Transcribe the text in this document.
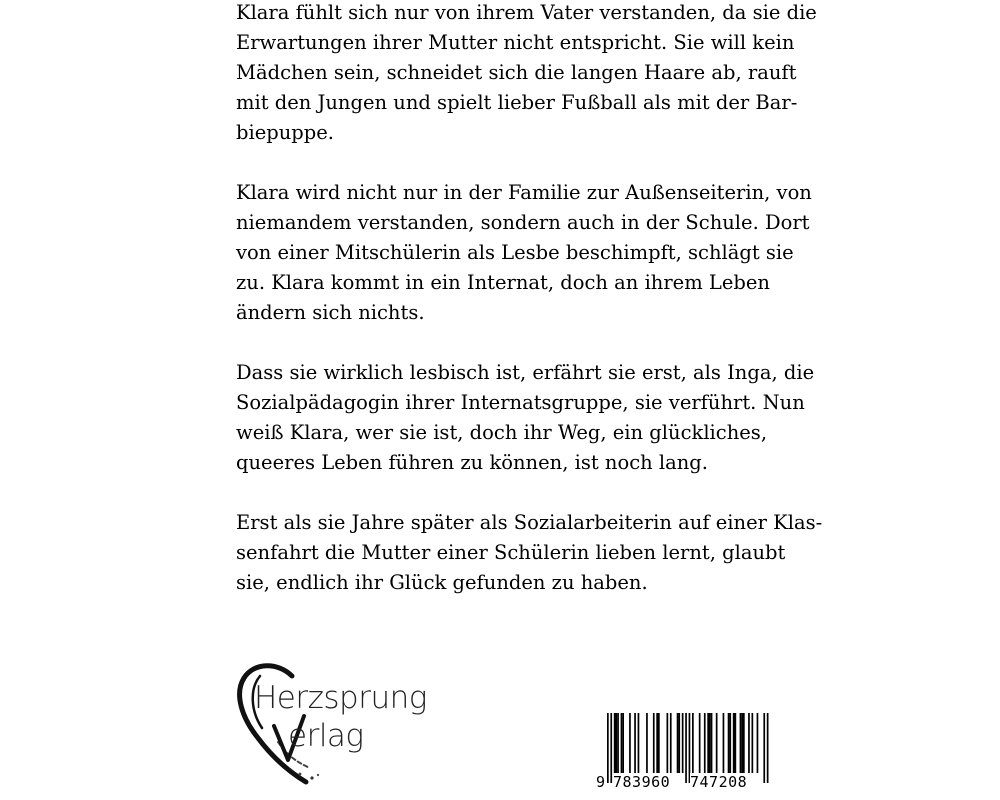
Klara fühlt sich nur von ihrem Vater verstanden, da sie die
Erwartungen ihrer Mutter nicht entspricht. Sie will kein
Mädchen sein, schneidet sich die langen Haare ab, rauft
mit den Jungen und spielt lieber Fußball als mit der Bar-
biepuppe.
Klara wird nicht nur in der Familie zur Außenseiterin, von
niemandem verstanden, sondern auch in der Schule. Dort
von einer Mitschülerin als Lesbe beschimpft, schlägt sie
zu. Klara kommt in ein Internat, doch an ihrem Leben
ändern sich nichts.
Dass sie wirklich lesbisch ist, erfährt sie erst, als Inga, die
Sozialpädagogin ihrer Internatsgruppe, sie verführt. Nun
weiß Klara, wer sie ist, doch ihr Weg, ein glückliches,
queeres Leben führen zu können, ist noch lang.
Erst als sie Jahre später als Sozialarbeiterin auf einer Klas-
senfahrt die Mutter einer Schülerin lieben lernt, glaubt
sie, endlich ihr Glück gefunden zu haben.
Herzsprung
erlag
9 783960 747208
